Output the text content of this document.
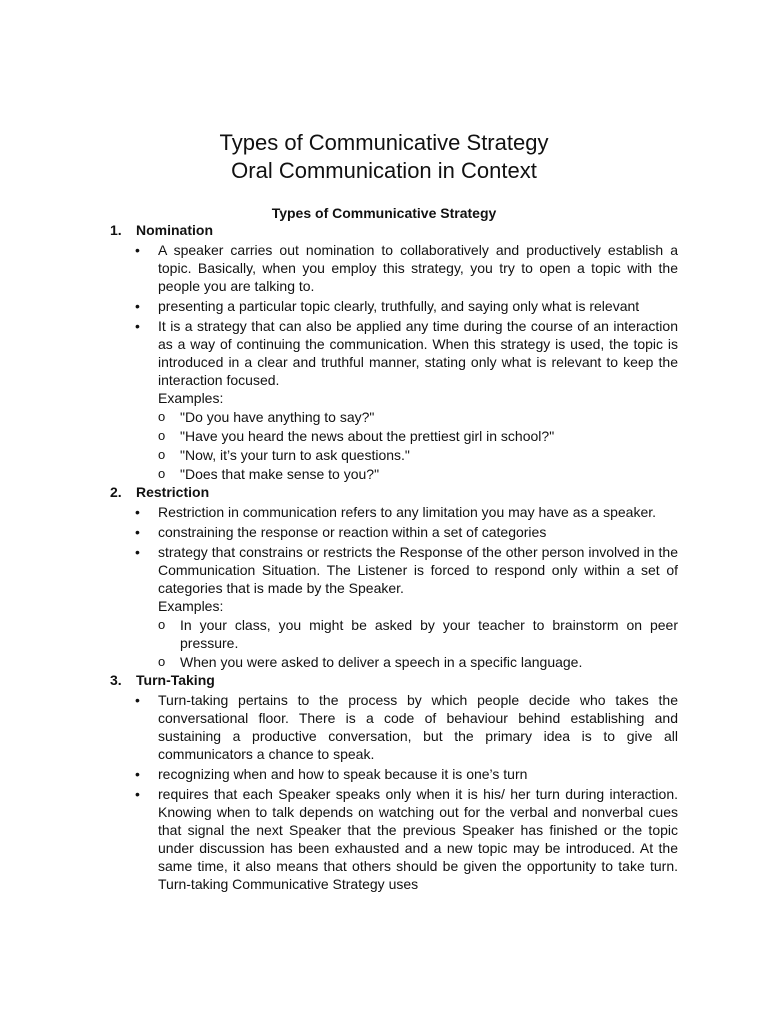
Types of Communicative Strategy
Oral Communication in Context
Types of Communicative Strategy
1. Nomination
• A speaker carries out nomination to collaboratively and productively establish a topic. Basically, when you employ this strategy, you try to open a topic with the people you are talking to.
• presenting a particular topic clearly, truthfully, and saying only what is relevant
• It is a strategy that can also be applied any time during the course of an interaction as a way of continuing the communication. When this strategy is used, the topic is introduced in a clear and truthful manner, stating only what is relevant to keep the interaction focused.
Examples:
o "Do you have anything to say?"
o "Have you heard the news about the prettiest girl in school?"
o "Now, it’s your turn to ask questions."
o "Does that make sense to you?"
2. Restriction
• Restriction in communication refers to any limitation you may have as a speaker.
• constraining the response or reaction within a set of categories
• strategy that constrains or restricts the Response of the other person involved in the Communication Situation. The Listener is forced to respond only within a set of categories that is made by the Speaker.
Examples:
o In your class, you might be asked by your teacher to brainstorm on peer pressure.
o When you were asked to deliver a speech in a specific language.
3. Turn-Taking
• Turn-taking pertains to the process by which people decide who takes the conversational floor. There is a code of behaviour behind establishing and sustaining a productive conversation, but the primary idea is to give all communicators a chance to speak.
• recognizing when and how to speak because it is one’s turn
• requires that each Speaker speaks only when it is his/ her turn during interaction. Knowing when to talk depends on watching out for the verbal and nonverbal cues that signal the next Speaker that the previous Speaker has finished or the topic under discussion has been exhausted and a new topic may be introduced. At the same time, it also means that others should be given the opportunity to take turn. Turn-taking Communicative Strategy uses
